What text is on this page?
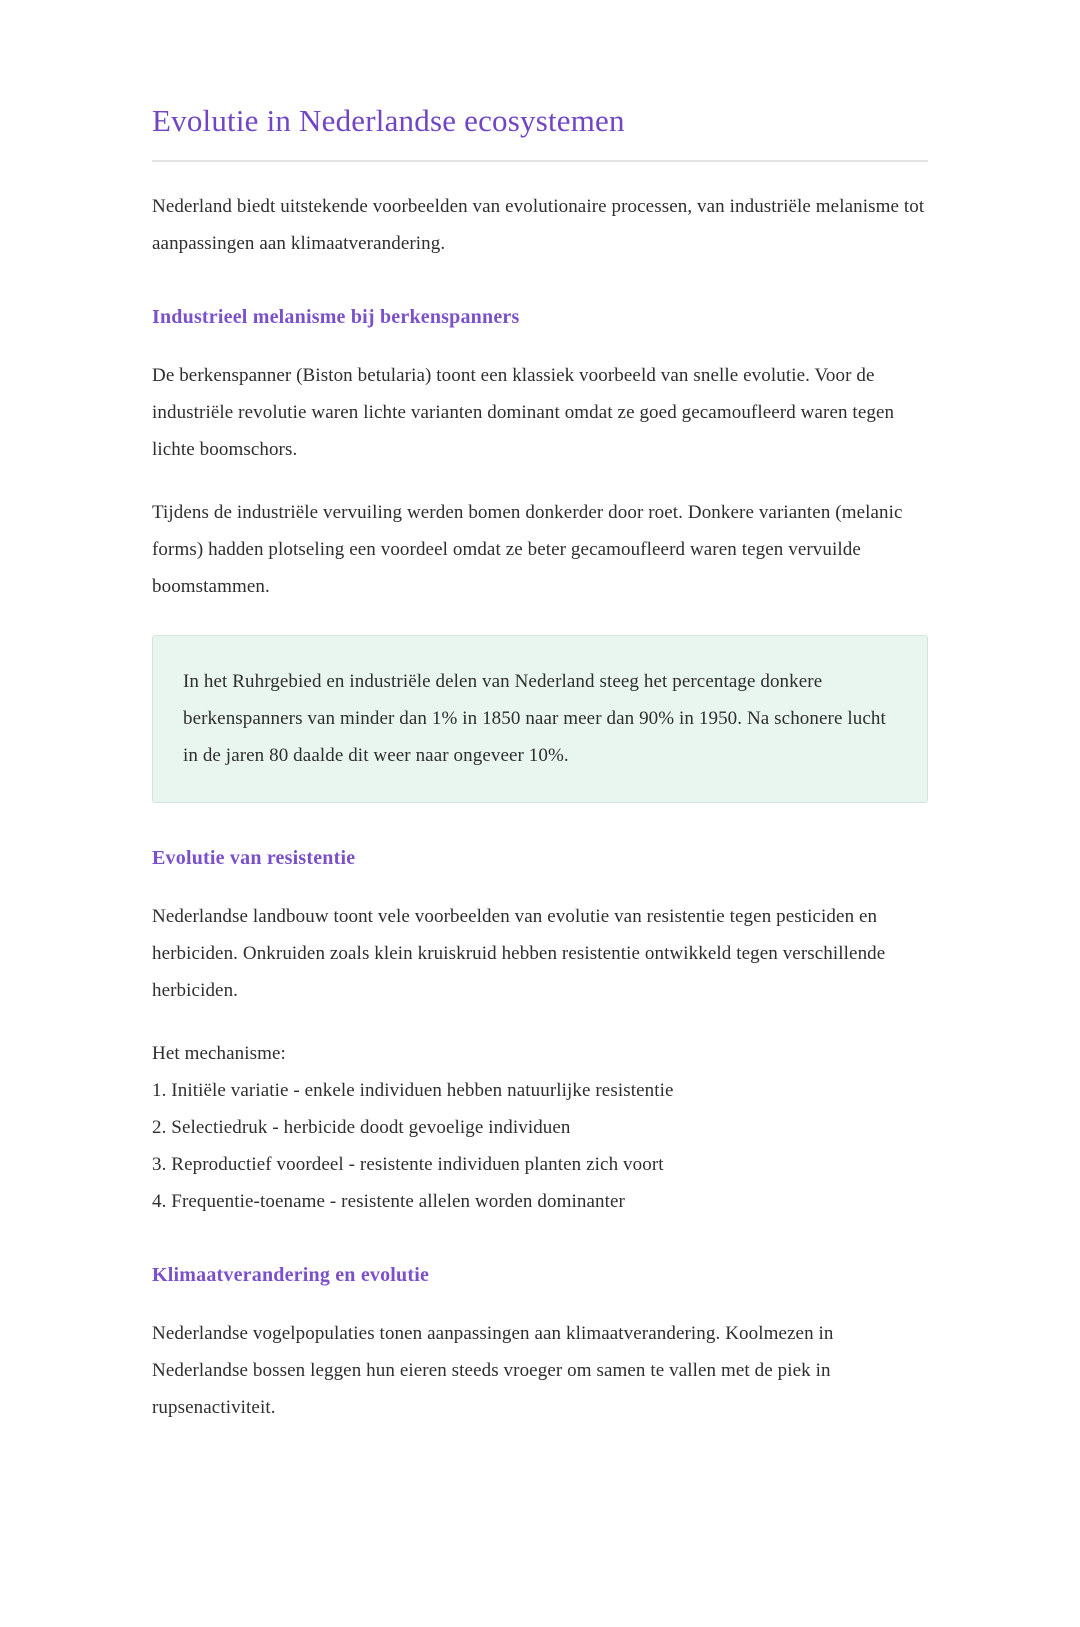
Evolutie in Nederlandse ecosystemen

Nederland biedt uitstekende voorbeelden van evolutionaire processen, van industriële melanisme tot aanpassingen aan klimaatverandering.

Industrieel melanisme bij berkenspanners

De berkenspanner (Biston betularia) toont een klassiek voorbeeld van snelle evolutie. Voor de industriële revolutie waren lichte varianten dominant omdat ze goed gecamoufleerd waren tegen lichte boomschors.

Tijdens de industriële vervuiling werden bomen donkerder door roet. Donkere varianten (melanic forms) hadden plotseling een voordeel omdat ze beter gecamoufleerd waren tegen vervuilde boomstammen.

In het Ruhrgebied en industriële delen van Nederland steeg het percentage donkere berkenspanners van minder dan 1% in 1850 naar meer dan 90% in 1950. Na schonere lucht in de jaren 80 daalde dit weer naar ongeveer 10%.

Evolutie van resistentie

Nederlandse landbouw toont vele voorbeelden van evolutie van resistentie tegen pesticiden en herbiciden. Onkruiden zoals klein kruiskruid hebben resistentie ontwikkeld tegen verschillende herbiciden.

Het mechanisme:
1. Initiële variatie - enkele individuen hebben natuurlijke resistentie
2. Selectiedruk - herbicide doodt gevoelige individuen
3. Reproductief voordeel - resistente individuen planten zich voort
4. Frequentie-toename - resistente allelen worden dominanter
Klimaatverandering en evolutie

Nederlandse vogelpopulaties tonen aanpassingen aan klimaatverandering. Koolmezen in Nederlandse bossen leggen hun eieren steeds vroeger om samen te vallen met de piek in rupsenactiviteit.
